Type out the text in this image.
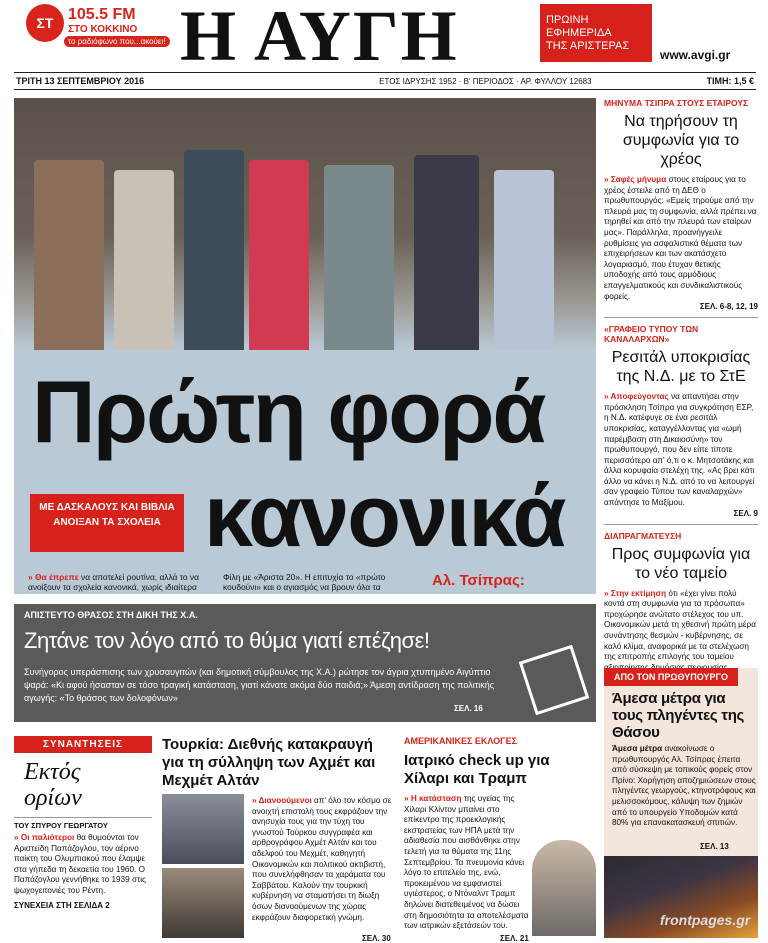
ΣΤ 105.5 FM
ΣΤΟ ΚΟΚΚΙΝΟ
το ραδιόφωνο που...ακούει! Η ΑΥΓΗ	ΠΡΩΙΝΗ
ΕΦΗΜΕΡΙΔΑ
ΤΗΣ ΑΡΙΣΤΕΡΑΣ
www.avgi.gr
ΤΡΙΤΗ 13 ΣΕΠΤΕΜΒΡΙΟΥ 2016	ΕΤΟΣ ΙΔΡΥΣΗΣ 1952 · Β' ΠΕΡΙΟΔΟΣ · ΑΡ. ΦΥΛΛΟΥ 12683	ΤΙΜΗ: 1,5 €
Πρώτη φορά
κανονικά
ΜΕ ΔΑΣΚΑΛΟΥΣ ΚΑΙ ΒΙΒΛΙΑ ΑΝΟΙΞΑΝ ΤΑ ΣΧΟΛΕΙΑ
» Θα έπρεπε να αποτελεί ρουτίνα, αλλά το να ανοίξουν τα σχολεία κανονικά, χωρίς ιδιαίτερα Φίλη με «Άριστα 20». Η επιτυχία το «πρώτο κουδούνι» και ο αγιασμός να βρουν όλα τα	Αλ. Τσίπρας:
ΑΠΙΣΤΕΥΤΟ ΘΡΑΣΟΣ ΣΤΗ ΔΙΚΗ ΤΗΣ Χ.Α.
Ζητάνε τον λόγο από το θύμα γιατί επέζησε!
Συνήγορος υπεράσπισης των χρυσαυγιτών (και δημοτική σύμβουλος της Χ.Α.) ρώτησε τον άγρια χτυπημένο Αιγύπτιο ψαρά: «Κι αφού ήσασταν σε τόσο τραγική κατάσταση, γιατί κάνατε ακόμα δύο παιδιά;» Άμεση αντίδραση της πολιτικής αγωγής: «Το θράσος των δολοφόνων»
ΣΕΛ. 16
ΜΗΝΥΜΑ ΤΣΙΠΡΑ ΣΤΟΥΣ ΕΤΑΙΡΟΥΣ
Να τηρήσουν τη συμφωνία για το χρέος
» Σαφές μήνυμα στους εταίρους για το χρέος έστειλε από τη ΔΕΘ ο πρωθυπουργός: «Εμείς τηρούμε από την πλευρά μας τη συμφωνία, αλλά πρέπει να τηρηθεί και από την πλευρά των εταίρων μας». Παράλληλα, προανήγγειλε ρυθμίσεις για ασφαλιστικά θέματα των επιχειρήσεων και των ακατάσχετο λογαριασμό, που έτυχαν θετικής υποδοχής από τους αρμόδιους επαγγελματικούς και συνδικαλιστικούς φορείς.
ΣΕΛ. 6-8, 12, 19
«ΓΡΑΦΕΙΟ ΤΥΠΟΥ ΤΩΝ ΚΑΝΑΛΑΡΧΩΝ»
Ρεσιτάλ υποκρισίας της Ν.Δ. με το ΣτΕ
» Αποφεύγοντας να απαντήσει στην πρόσκληση Τσίπρα για συγκρότηση ΕΣΡ, η Ν.Δ. κατέφυγε σε ένα ρεσιτάλ υποκρισίας, καταγγέλλοντας για «ωμή παρέμβαση στη Δικαιοσύνη» τον πρωθυπουργό, που δεν είπε τίποτε περισσότερο απ' ό,τι ο κ. Μητσοτάκης και άλλα κορυφαία στελέχη της. «Ας βρει κάτι άλλο να κάνει η Ν.Δ. από το να λειτουργεί σαν γραφείο Τύπου των καναλαρχών» απάντησε το Μαξίμου.
ΣΕΛ. 9
ΔΙΑΠΡΑΓΜΑΤΕΥΣΗ
Προς συμφωνία για το νέο ταμείο
» Στην εκτίμηση ότι «έχει γίνει πολύ κοντά στη συμφωνία για τα πρόσωπα» προχώρησε ανώτατο στέλεχος του υπ. Οικονομικών μετά τη χθεσινή πρώτη μέρα συνάντησης θεσμών - κυβέρνησης, σε καλό κλίμα, αναφορικά με τα στελέχωση της επιτροπής επιλογής του ταμείου
ΑΠΟ ΤΟΝ ΠΡΩΘΥΠΟΥΡΓΟ
Άμεσα μέτρα για τους πληγέντες της Θάσου
Άμεσα μέτρα ανακοίνωσε ο πρωθυπουργός Αλ. Τσίπρας έπειτα από σύσκεψη με τοπικούς φορείς στον Πρίνο: Χορήγηση αποζημιώσεων στους πληγέντες γεωργούς, κτηνοτρόφους και μελισσοκόμους, κάλυψη των ζημιών από το υπουργείο Υποδομών κατά 80% για επανακατασκευή σπιτιών.
ΣΕΛ. 13
frontpages.gr
ΣΥΝΑΝΤΗΣΕΙΣ
Εκτός ορίων
ΤΟΥ ΣΠΥΡΟΥ ΓΕΩΡΓΑΤΟΥ
» Οι παλιότεροι θα θυμούνται τον Αριστείδη Παπάζογλου, τον αέρινο παίκτη του Ολυμπιακού που έλαμψε στα γήπεδα τη δεκαετία του 1960. Ο Παπάζογλου γεννήθηκε το 1939 στις ψωχογειτονιές του Ρέντη.
ΣΥΝΕΧΕΙΑ ΣΤΗ ΣΕΛΙΔΑ 2
Τουρκία: Διεθνής κατακραυγή για τη σύλληψη των Αχμέτ και Μεχμέτ Αλτάν
» Διανοούμενοι απ' όλο τον κόσμο σε ανοιχτή επιστολή τους εκφράζουν την ανησυχία τους για την τύχη του γνωστού Τούρκου συγγραφέα και αρθρογράφου Αχμέτ Αλτάν και του αδελφού του Μεχμέτ, καθηγητή Οικονομικών και πολιτικού ακτιβιστή, που συνελήφθησαν τα χαράματα του Σαββάτου. Καλούν την τουρκική κυβέρνηση να σταματήσει τη δίωξη όσων διανοούμενων της χώρας εκφράζουν διαφορετική γνώμη.
ΣΕΛ. 30
ΑΜΕΡΙΚΑΝΙΚΕΣ ΕΚΛΟΓΕΣ
Ιατρικό check up για Χίλαρι και Τραμπ
» Η κατάσταση της υγείας της Χίλαρι Κλίντον μπαίνει στο επίκεντρο της προεκλογικής εκστρατείας των ΗΠΑ μετά την αδιαθεσία που αισθάνθηκε στην τελετή για τα θύματα της 11ης Σεπτεμβρίου. Τα πνευμονία κάνει λόγο το επιτελείο της, ενώ, προκειμένου να εμφανιστεί υγιέστερος, ο Ντόναλντ Τραμπ δηλώνει διατεθειμένος να δώσει στη δημοσιότητα τα αποτελέσματα των ιατρικών εξετάσεών του.
ΣΕΛ. 21
